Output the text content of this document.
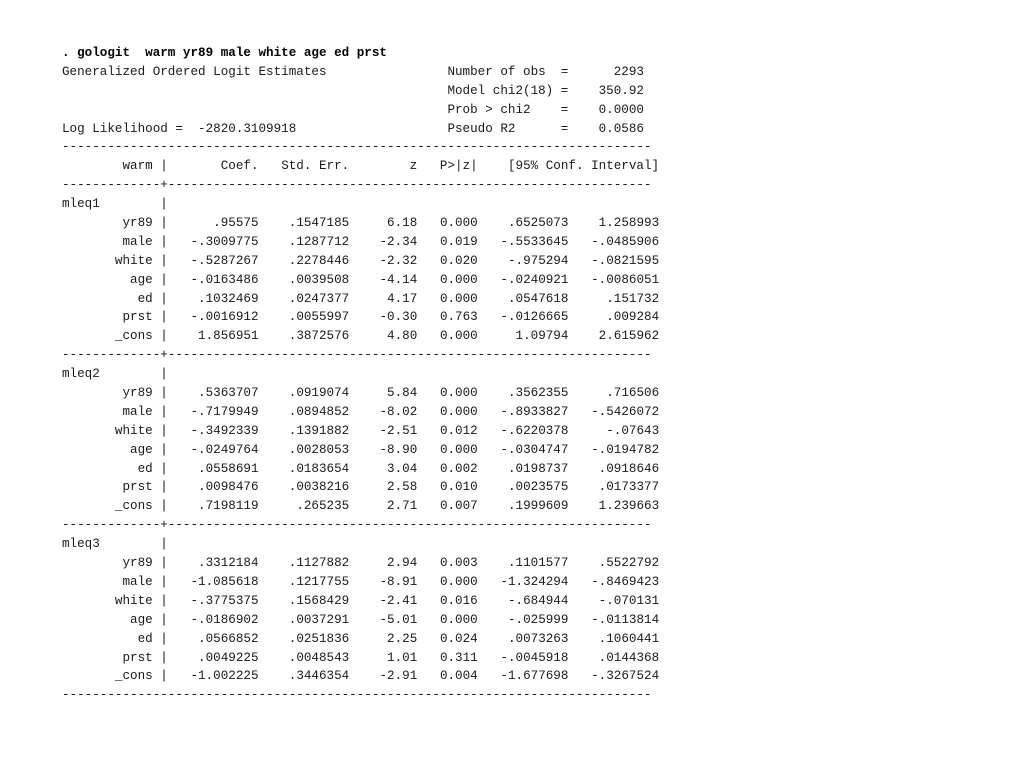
. gologit  warm yr89 male white age ed prst
Generalized Ordered Logit Estimates                Number of obs  =      2293
Model chi2(18) =    350.92
Prob > chi2    =    0.0000
Log Likelihood =  -2820.3109918                    Pseudo R2      =    0.0586
------------------------------------------------------------------------------
warm |       Coef.   Std. Err.        z   P>|z|    [95% Conf. Interval]
-------------+----------------------------------------------------------------
mleq1        |
yr89 |      .95575    .1547185     6.18   0.000    .6525073    1.258993
male |   -.3009775    .1287712    -2.34   0.019   -.5533645   -.0485906
white |   -.5287267    .2278446    -2.32   0.020    -.975294   -.0821595
age |   -.0163486    .0039508    -4.14   0.000   -.0240921   -.0086051
ed |    .1032469    .0247377     4.17   0.000    .0547618     .151732
prst |   -.0016912    .0055997    -0.30   0.763   -.0126665     .009284
_cons |    1.856951    .3872576     4.80   0.000     1.09794    2.615962
-------------+----------------------------------------------------------------
mleq2        |
yr89 |    .5363707    .0919074     5.84   0.000    .3562355     .716506
male |   -.7179949    .0894852    -8.02   0.000   -.8933827   -.5426072
white |   -.3492339    .1391882    -2.51   0.012   -.6220378     -.07643
age |   -.0249764    .0028053    -8.90   0.000   -.0304747   -.0194782
ed |    .0558691    .0183654     3.04   0.002    .0198737    .0918646
prst |    .0098476    .0038216     2.58   0.010    .0023575    .0173377
_cons |    .7198119     .265235     2.71   0.007    .1999609    1.239663
-------------+----------------------------------------------------------------
mleq3        |
yr89 |    .3312184    .1127882     2.94   0.003    .1101577    .5522792
male |   -1.085618    .1217755    -8.91   0.000   -1.324294   -.8469423
white |   -.3775375    .1568429    -2.41   0.016    -.684944    -.070131
age |   -.0186902    .0037291    -5.01   0.000    -.025999   -.0113814
ed |    .0566852    .0251836     2.25   0.024    .0073263    .1060441
prst |    .0049225    .0048543     1.01   0.311   -.0045918    .0144368
_cons |   -1.002225    .3446354    -2.91   0.004   -1.677698   -.3267524
------------------------------------------------------------------------------
